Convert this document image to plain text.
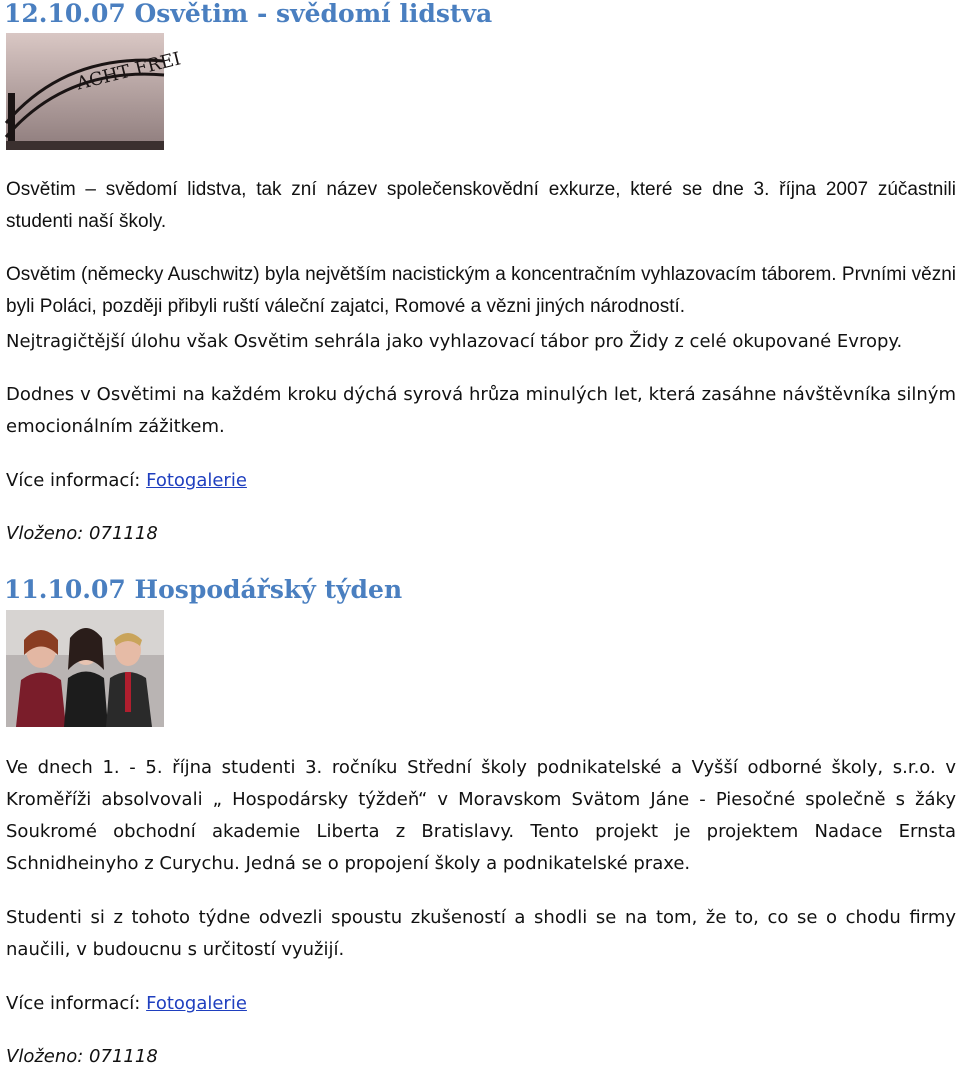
12.10.07 Osvětim - svědomí lidstva
ACHT FREI

Osvětim – svědomí lidstva, tak zní název společenskovědní exkurze, které se dne 3. října 2007 zúčastnili studenti naší školy.

Osvětim (německy Auschwitz) byla největším nacistickým a koncentračním vyhlazovacím táborem. Prvními vězni byli Poláci, později přibyli ruští váleční zajatci, Romové a vězni jiných národností.

Nejtragičtější úlohu však Osvětim sehrála jako vyhlazovací tábor pro Židy z celé okupované Evropy.

Dodnes v Osvětimi na každém kroku dýchá syrová hrůza minulých let, která zasáhne návštěvníka silným emocionálním zážitkem.

Více informací: Fotogalerie

Vloženo: 071118

11.10.07 Hospodářský týden

Ve dnech 1. - 5. října studenti 3. ročníku Střední školy podnikatelské a Vyšší odborné školy, s.r.o. v Kroměříži absolvovali „ Hospodársky týždeň“ v Moravskom Svätom Jáne - Piesočné společně s žáky Soukromé obchodní akademie Liberta z Bratislavy. Tento projekt je projektem Nadace Ernsta Schnidheinyho z Curychu. Jedná se o propojení školy a podnikatelské praxe.

Studenti si z tohoto týdne odvezli spoustu zkušeností a shodli se na tom, že to, co se o chodu firmy naučili, v budoucnu s určitostí využijí.

Více informací: Fotogalerie

Vloženo: 071118
